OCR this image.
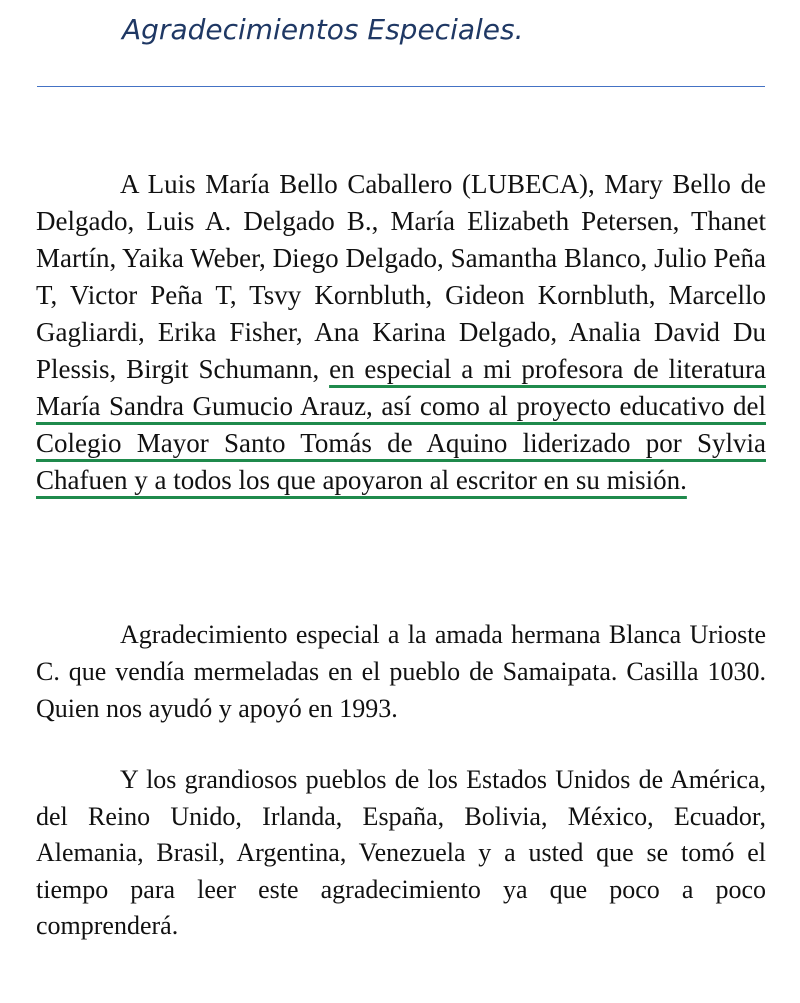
Agradecimientos Especiales.

A Luis María Bello Caballero (LUBECA), Mary Bello de Delgado, Luis A. Delgado B., María Elizabeth Petersen, Thanet Martín, Yaika Weber, Diego Delgado, Samantha Blanco, Julio Peña T, Victor Peña T, Tsvy Kornbluth, Gideon Kornbluth, Marcello Gagliardi, Erika Fisher, Ana Karina Delgado, Analia David Du Plessis, Birgit Schumann, en especial a mi profesora de literatura María Sandra Gumucio Arauz, así como al proyecto educativo del Colegio Mayor Santo Tomás de Aquino liderizado por Sylvia Chafuen y a todos los que apoyaron al escritor en su misión.

Agradecimiento especial a la amada hermana Blanca Urioste C. que vendía mermeladas en el pueblo de Samaipata. Casilla 1030. Quien nos ayudó y apoyó en 1993.

Y los grandiosos pueblos de los Estados Unidos de América, del Reino Unido, Irlanda, España, Bolivia, México, Ecuador, Alemania, Brasil, Argentina, Venezuela y a usted que se tomó el tiempo para leer este agradecimiento ya que poco a poco comprenderá.
